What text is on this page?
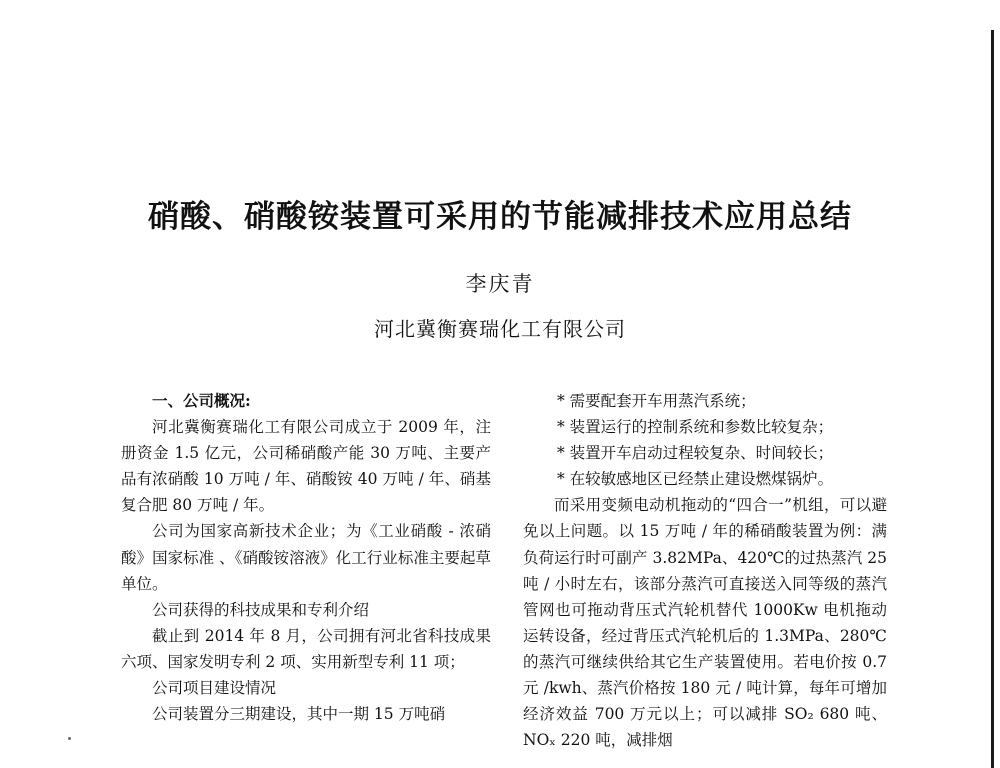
硝酸、硝酸铵装置可采用的节能减排技术应用总结
李庆青
河北冀衡赛瑞化工有限公司

一、公司概况:

河北冀衡赛瑞化工有限公司成立于 2009 年，注册资金 1.5 亿元，公司稀硝酸产能 30 万吨、主要产品有浓硝酸 10 万吨 / 年、硝酸铵 40 万吨 / 年、硝基复合肥 80 万吨 / 年。

公司为国家高新技术企业；为《工业硝酸 - 浓硝酸》国家标准 、《硝酸铵溶液》化工行业标准主要起草单位。

公司获得的科技成果和专利介绍

截止到 2014 年 8 月，公司拥有河北省科技成果六项、国家发明专利 2 项、实用新型专利 11 项；

公司项目建设情况

公司装置分三期建设，其中一期 15 万吨硝

* 需要配套开车用蒸汽系统；

* 装置运行的控制系统和参数比较复杂；

* 装置开车启动过程较复杂、时间较长；

* 在较敏感地区已经禁止建设燃煤锅炉。

而采用变频电动机拖动的“四合一”机组，可以避免以上问题。以 15 万吨 / 年的稀硝酸装置为例：满负荷运行时可副产 3.82MPa、420℃的过热蒸汽 25 吨 / 小时左右，该部分蒸汽可直接送入同等级的蒸汽管网也可拖动背压式汽轮机替代 1000Kw 电机拖动运转设备，经过背压式汽轮机后的 1.3MPa、280℃的蒸汽可继续供给其它生产装置使用。若电价按 0.7 元 /kwh、蒸汽价格按 180 元 / 吨计算，每年可增加经济效益 700 万元以上；可以减排 SO₂ 680 吨、NOₓ 220 吨，减排烟
